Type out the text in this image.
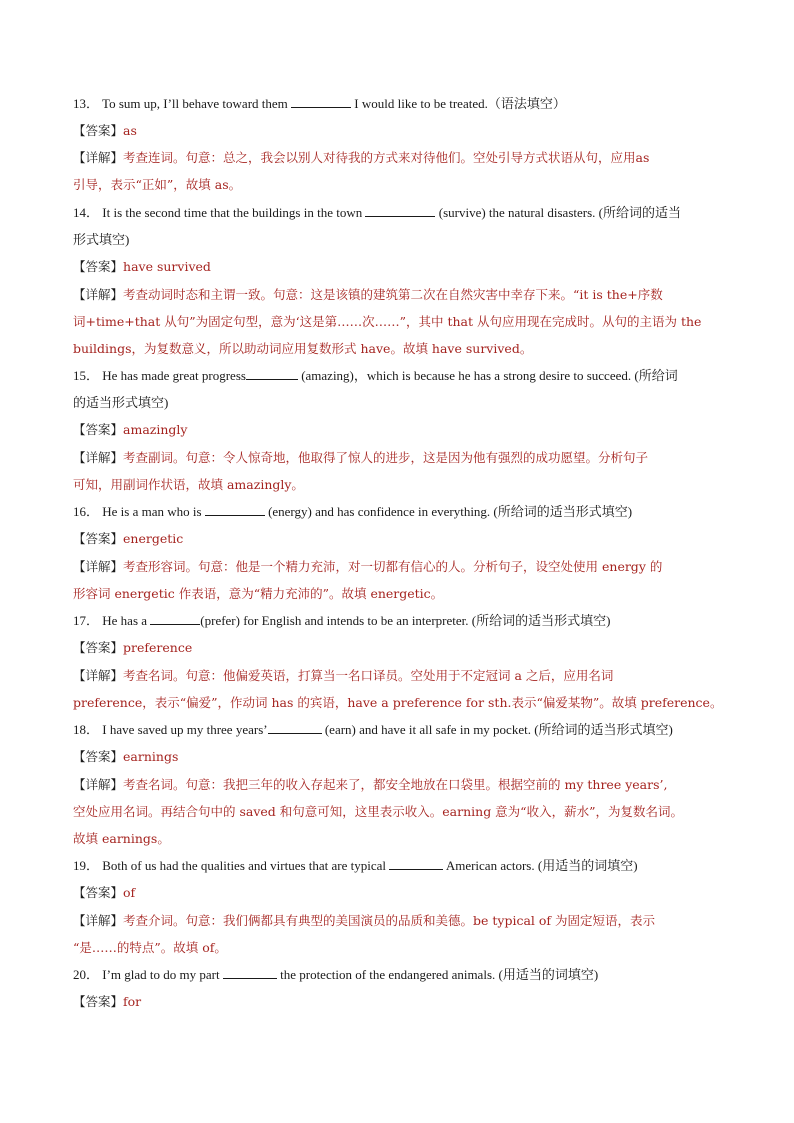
13． To sum up, I’ll behave toward them	I would like to be treated.（语法填空）
【答案】as
【详解】考查连词。句意：总之，我会以别人对待我的方式来对待他们。空处引导方式状语从句，应用as
引导，表示“正如”，故填 as。
14． It is the second time that the buildings in the town	(survive) the natural disasters. (所给词的适当
形式填空)
【答案】have survived
【详解】考查动词时态和主谓一致。句意：这是该镇的建筑第二次在自然灾害中幸存下来。“it is the+序数
词+time+that 从句”为固定句型，意为‘这是第……次……”，其中 that 从句应用现在完成时。从句的主语为 the
buildings，为复数意义，所以助动词应用复数形式 have。故填 have survived。
15． He has made great progress	(amazing)，which is because he has a strong desire to succeed. (所给词
的适当形式填空)
【答案】amazingly
【详解】考查副词。句意：令人惊奇地，他取得了惊人的进步，这是因为他有强烈的成功愿望。分析句子
可知，用副词作状语，故填 amazingly。
16． He is a man who is	(energy) and has confidence in everything. (所给词的适当形式填空)
【答案】energetic
【详解】考查形容词。句意：他是一个精力充沛，对一切都有信心的人。分析句子，设空处使用 energy 的
形容词 energetic 作表语，意为“精力充沛的”。故填 energetic。
17． He has a	(prefer) for English and intends to be an interpreter. (所给词的适当形式填空)
【答案】preference
【详解】考查名词。句意：他偏爱英语，打算当一名口译员。空处用于不定冠词 a 之后，应用名词
preference，表示“偏爱”，作动词 has 的宾语，have a preference for sth.表示“偏爱某物”。故填 preference。
18． I have saved up my three years’	(earn) and have it all safe in my pocket. (所给词的适当形式填空)
【答案】earnings
【详解】考查名词。句意：我把三年的收入存起来了，都安全地放在口袋里。根据空前的 my three years’,
空处应用名词。再结合句中的 saved 和句意可知，这里表示收入。earning 意为“收入，薪水”，为复数名词。
故填 earnings。
19． Both of us had the qualities and virtues that are typical	American actors. (用适当的词填空)
【答案】of
【详解】考查介词。句意：我们俩都具有典型的美国演员的品质和美德。be typical of 为固定短语，表示
“是……的特点”。故填 of。
20． I’m glad to do my part	the protection of the endangered animals. (用适当的词填空)
【答案】for
